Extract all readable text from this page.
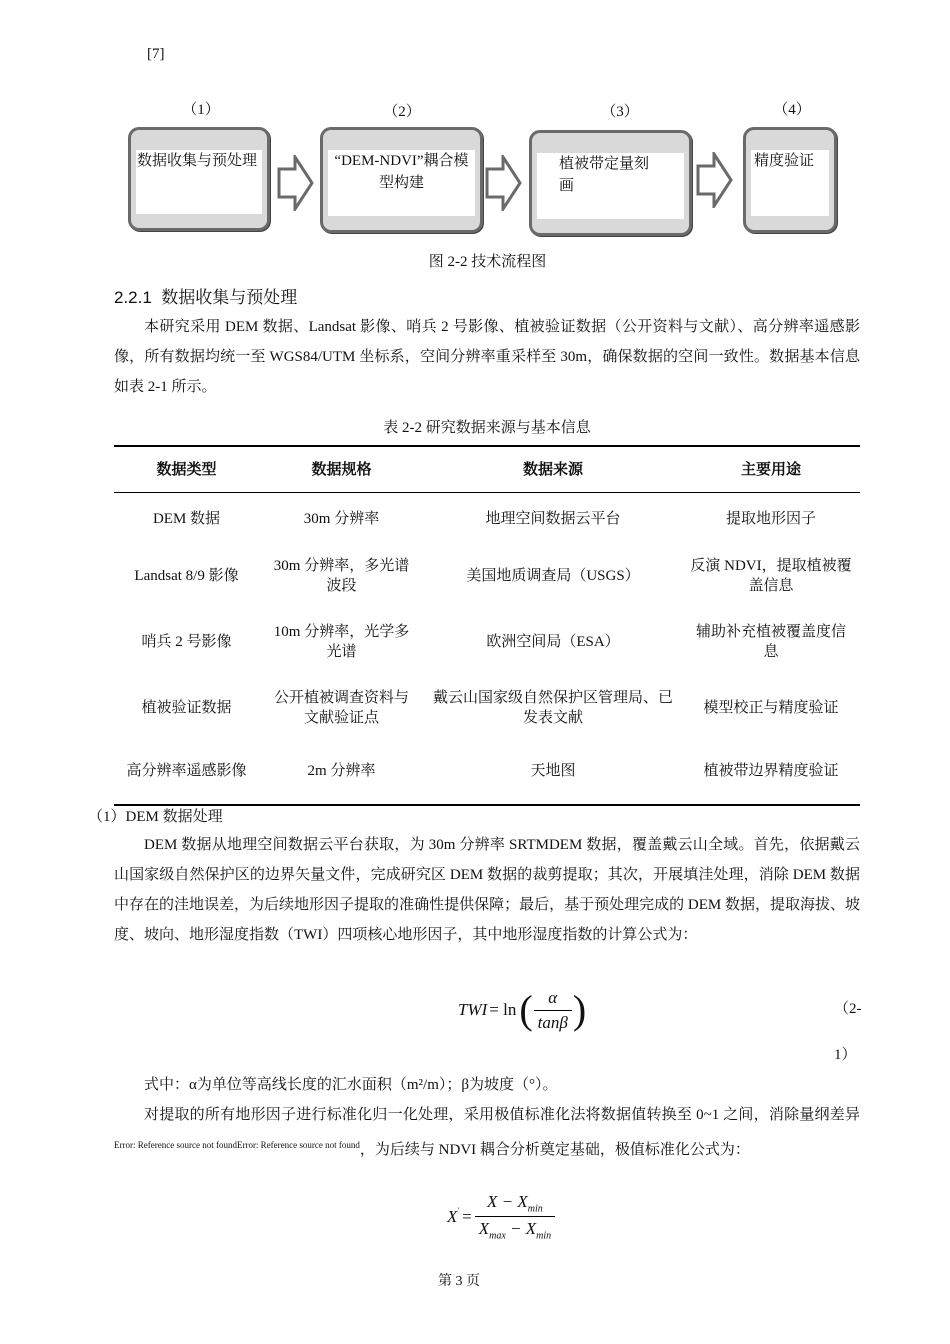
[7]
（1）	（2）	（3）	（4）
数据收集与预处理	“DEM-NDVI”耦合模型构建
植被带定量刻画
精度验证
图 2-2 技术流程图
2.2.1 数据收集与预处理
本研究采用 DEM 数据、Landsat 影像、哨兵 2 号影像、植被验证数据（公开资料与文献）、高分辨率遥感影像，所有数据均统一至 WGS84/UTM 坐标系，空间分辨率重采样至 30m，确保数据的空间一致性。数据基本信息如表 2-1 所示。
表 2-2 研究数据来源与基本信息
数据类型	数据规格	数据来源	主要用途
DEM 数据	30m 分辨率	地理空间数据云平台	提取地形因子
Landsat 8/9 影像	30m 分辨率，多光谱波段	美国地质调查局（USGS）	反演 NDVI，提取植被覆盖信息
哨兵 2 号影像	10m 分辨率，光学多光谱	欧洲空间局（ESA）	辅助补充植被覆盖度信息
植被验证数据	公开植被调查资料与文献验证点	戴云山国家级自然保护区管理局、已发表文献	模型校正与精度验证
高分辨率遥感影像	2m 分辨率	天地图	植被带边界精度验证
（1）DEM 数据处理
DEM 数据从地理空间数据云平台获取，为 30m 分辨率 SRTMDEM 数据，覆盖戴云山全域。首先，依据戴云山国家级自然保护区的边界矢量文件，完成研究区 DEM 数据的裁剪提取；其次，开展填洼处理，消除 DEM 数据中存在的洼地误差，为后续地形因子提取的准确性提供保障；最后，基于预处理完成的 DEM 数据，提取海拔、坡度、坡向、地形湿度指数（TWI）四项核心地形因子，其中地形湿度指数的计算公式为：
TWI = ln ( $\frac{\alpha}{\tan\beta}$ )	（2-
1）
式中：α为单位等高线长度的汇水面积（m²/m）；β为坡度（°）。
对提取的所有地形因子进行标准化归一化处理，采用极值标准化法将数据值转换至 0~1 之间，消除量纲差异$^{Error: Reference source not foundError: Reference source not found}$，为后续与 NDVI 耦合分析奠定基础，极值标准化公式为：
$X' = \frac{X - X_{min}}{X_{max} - X_{min}}$
第 3 页
